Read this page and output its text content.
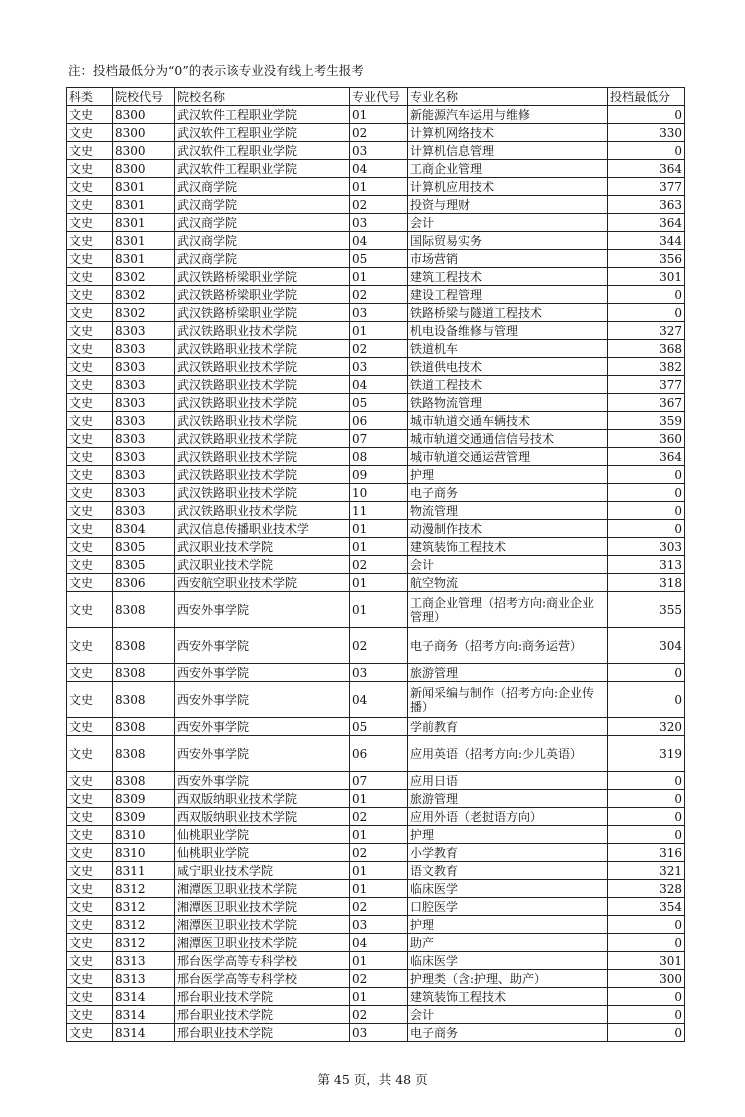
注：投档最低分为“0”的表示该专业没有线上考生报考
科类	院校代号	院校名称	专业代号	专业名称	投档最低分
文史	8300	武汉软件工程职业学院	01	新能源汽车运用与维修	0
文史	8300	武汉软件工程职业学院	02	计算机网络技术	330
文史	8300	武汉软件工程职业学院	03	计算机信息管理	0
文史	8300	武汉软件工程职业学院	04	工商企业管理	364
文史	8301	武汉商学院	01	计算机应用技术	377
文史	8301	武汉商学院	02	投资与理财	363
文史	8301	武汉商学院	03	会计	364
文史	8301	武汉商学院	04	国际贸易实务	344
文史	8301	武汉商学院	05	市场营销	356
文史	8302	武汉铁路桥梁职业学院	01	建筑工程技术	301
文史	8302	武汉铁路桥梁职业学院	02	建设工程管理	0
文史	8302	武汉铁路桥梁职业学院	03	铁路桥梁与隧道工程技术	0
文史	8303	武汉铁路职业技术学院	01	机电设备维修与管理	327
文史	8303	武汉铁路职业技术学院	02	铁道机车	368
文史	8303	武汉铁路职业技术学院	03	铁道供电技术	382
文史	8303	武汉铁路职业技术学院	04	铁道工程技术	377
文史	8303	武汉铁路职业技术学院	05	铁路物流管理	367
文史	8303	武汉铁路职业技术学院	06	城市轨道交通车辆技术	359
文史	8303	武汉铁路职业技术学院	07	城市轨道交通通信信号技术	360
文史	8303	武汉铁路职业技术学院	08	城市轨道交通运营管理	364
文史	8303	武汉铁路职业技术学院	09	护理	0
文史	8303	武汉铁路职业技术学院	10	电子商务	0
文史	8303	武汉铁路职业技术学院	11	物流管理	0
文史	8304	武汉信息传播职业技术学	01	动漫制作技术	0
文史	8305	武汉职业技术学院	01	建筑装饰工程技术	303
文史	8305	武汉职业技术学院	02	会计	313
文史	8306	西安航空职业技术学院	01	航空物流	318
文史	8308	西安外事学院	01	工商企业管理（招考方向:商业企业管理）	355
文史	8308	西安外事学院	02	电子商务（招考方向:商务运营）	304
文史	8308	西安外事学院	03	旅游管理	0
文史	8308	西安外事学院	04	新闻采编与制作（招考方向:企业传播）	0
文史	8308	西安外事学院	05	学前教育	320
文史	8308	西安外事学院	06	应用英语（招考方向:少儿英语）	319
文史	8308	西安外事学院	07	应用日语	0
文史	8309	西双版纳职业技术学院	01	旅游管理	0
文史	8309	西双版纳职业技术学院	02	应用外语（老挝语方向）	0
文史	8310	仙桃职业学院	01	护理	0
文史	8310	仙桃职业学院	02	小学教育	316
文史	8311	咸宁职业技术学院	01	语文教育	321
文史	8312	湘潭医卫职业技术学院	01	临床医学	328
文史	8312	湘潭医卫职业技术学院	02	口腔医学	354
文史	8312	湘潭医卫职业技术学院	03	护理	0
文史	8312	湘潭医卫职业技术学院	04	助产	0
文史	8313	邢台医学高等专科学校	01	临床医学	301
文史	8313	邢台医学高等专科学校	02	护理类（含:护理、助产）	300
文史	8314	邢台职业技术学院	01	建筑装饰工程技术	0
文史	8314	邢台职业技术学院	02	会计	0
文史	8314	邢台职业技术学院	03	电子商务	0
第 45 页，共 48 页
